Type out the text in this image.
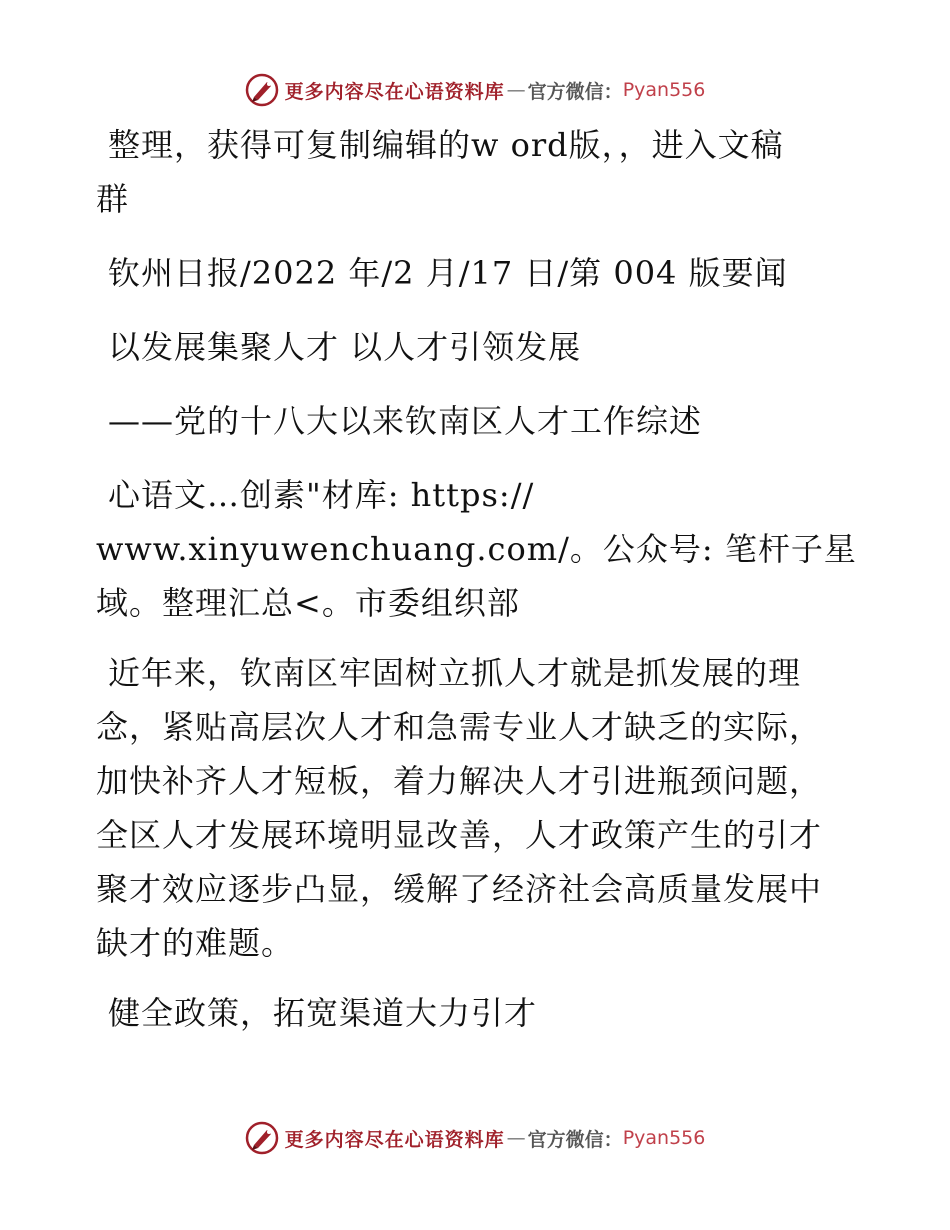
更多内容尽在心语资料库 — 官方微信： Pyan556
整理，获得可复制编辑的w ord版，，进入文稿
群
钦州日报/2022 年/2 月/17 日/第 004 版要闻
以发展集聚人才 以人才引领发展
——党的十八大以来钦南区人才工作综述
心语文…创素"材库: https://
www.xinyuwenchuang.com/。公众号: 笔杆子星
域。整理汇总<。市委组织部
近年来，钦南区牢固树立抓人才就是抓发展的理
念，紧贴高层次人才和急需专业人才缺乏的实际，
加快补齐人才短板，着力解决人才引进瓶颈问题，
全区人才发展环境明显改善，人才政策产生的引才
聚才效应逐步凸显，缓解了经济社会高质量发展中
缺才的难题。
健全政策，拓宽渠道大力引才
更多内容尽在心语资料库 — 官方微信： Pyan556
